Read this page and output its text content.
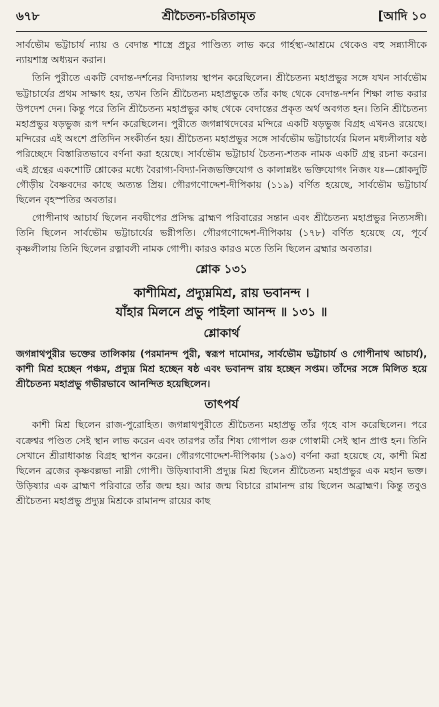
৬৭৮	শ্রীচৈতন্য-চরিতামৃত	[আদি ১০

সার্বভৌম ভট্টাচার্য ন্যায় ও বেদান্ত শাস্ত্রে প্রচুর পাণ্ডিত্য লাভ করে গার্হস্থ্য-আশ্রমে থেকেও বহু সন্ন্যাসীকে ন্যায়শাস্ত্র অধ্যয়ন করান।

তিনি পুরীতে একটি বেদান্ত-দর্শনের বিদ্যালয় স্থাপন করেছিলেন। শ্রীচৈতন্য মহাপ্রভুর সঙ্গে যখন সার্বভৌম ভট্টাচার্যের প্রথম সাক্ষাৎ হয়, তখন তিনি শ্রীচৈতন্য মহাপ্রভুকে তাঁর কাছ থেকে বেদান্ত-দর্শন শিক্ষা লাভ করার উপদেশ দেন। কিন্তু পরে তিনি শ্রীচৈতন্য মহাপ্রভুর কাছ থেকে বেদান্তের প্রকৃত অর্থ অবগত হন। তিনি শ্রীচৈতন্য মহাপ্রভুর ষড়ভুজ রূপ দর্শন করেছিলেন। পুরীতে জগন্নাথদেবের মন্দিরে একটি ষড়ভুজ বিগ্রহ এখনও রয়েছে। মন্দিরের এই অংশে প্রতিদিন সংকীর্তন হয়। শ্রীচৈতন্য মহাপ্রভুর সঙ্গে সার্বভৌম ভট্টাচার্যের মিলন মধ্যলীলার ষষ্ঠ পরিচ্ছেদে বিস্তারিতভাবে বর্ণনা করা হয়েছে। সার্বভৌম ভট্টাচার্য চৈতন্য-শতক নামক একটি গ্রন্থ রচনা করেন। এই গ্রন্থের একশোটি শ্লোকের মধ্যে বৈরাগ্য-বিদ্যা-নিজভক্তিযোগ ও কালান্নষ্টং ভক্তিযোগং নিজং যঃ—শ্লোকদুটি গৌড়ীয় বৈষ্ণবদের কাছে অত্যন্ত প্রিয়। গৌরগণোদ্দেশ-দীপিকায় (১১৯) বর্ণিত হয়েছে, সার্বভৌম ভট্টাচার্য ছিলেন বৃহস্পতির অবতার।

গোপীনাথ আচার্য ছিলেন নবদ্বীপের প্রসিদ্ধ ব্রাহ্মণ পরিবারের সন্তান এবং শ্রীচৈতন্য মহাপ্রভুর নিত্যসঙ্গী। তিনি ছিলেন সার্বভৌম ভট্টাচার্যের ভগ্নীপতি। গৌরগণোদ্দেশ-দীপিকায় (১৭৮) বর্ণিত হয়েছে যে, পূর্বে কৃষ্ণলীলায় তিনি ছিলেন রত্নাবলী নামক গোপী। কারও কারও মতে তিনি ছিলেন ব্রহ্মার অবতার।

শ্লোক ১৩১
কাশীমিশ্র, প্রদ্যুম্নমিশ্র, রায় ভবানন্দ ।
যাঁহার মিলনে প্রভু পাইলা আনন্দ ॥ ১৩১ ॥
শ্লোকার্থ

জগন্নাথপুরীর ভক্তের তালিকায় (পরমানন্দ পুরী, স্বরূপ দামোদর, সার্বভৌম ভট্টাচার্য ও গোপীনাথ আচার্য), কাশী মিশ্র হচ্ছেন পঞ্চম, প্রদ্যুম্ন মিশ্র হচ্ছেন ষষ্ঠ এবং ভবানন্দ রায় হচ্ছেন সপ্তম। তাঁদের সঙ্গে মিলিত হয়ে শ্রীচৈতন্য মহাপ্রভু গভীরভাবে আনন্দিত হয়েছিলেন।

তাৎপর্য

কাশী মিশ্র ছিলেন রাজ-পুরোহিত। জগন্নাথপুরীতে শ্রীচৈতন্য মহাপ্রভু তাঁর গৃহে বাস করেছিলেন। পরে বক্রেশ্বর পণ্ডিত সেই স্থান লাভ করেন এবং তারপর তাঁর শিষ্য গোপাল গুরু গোস্বামী সেই স্থান প্রাপ্ত হন। তিনি সেখানে শ্রীরাধাকান্ত বিগ্রহ স্থাপন করেন। গৌরগণোদ্দেশ-দীপিকায় (১৯৩) বর্ণনা করা হয়েছে যে, কাশী মিশ্র ছিলেন ব্রজের কৃষ্ণবল্লভা নাম্নী গোপী। উড়িষ্যাবাসী প্রদ্যুম্ন মিশ্র ছিলেন শ্রীচৈতন্য মহাপ্রভুর এক মহান ভক্ত। উড়িষ্যার এক ব্রাহ্মণ পরিবারে তাঁর জন্ম হয়। আর জন্ম বিচারে রামানন্দ রায় ছিলেন অব্রাহ্মণ। কিন্তু তবুও শ্রীচৈতন্য মহাপ্রভু প্রদ্যুম্ন মিশ্রকে রামানন্দ রায়ের কাছ
